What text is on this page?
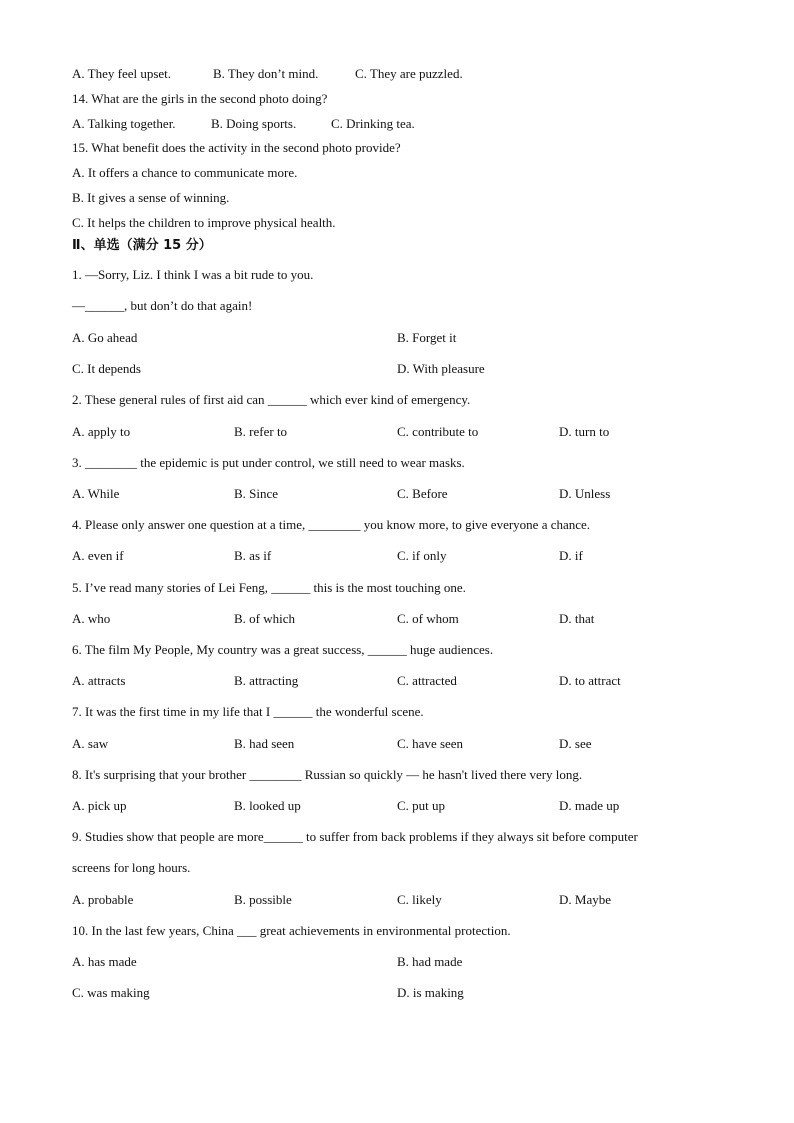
A. They feel upset.	B. They don’t mind.	C. They are puzzled.
14. What are the girls in the second photo doing?
A. Talking together.	B. Doing sports.	C. Drinking tea.
15. What benefit does the activity in the second photo provide?
A. It offers a chance to communicate more.
B. It gives a sense of winning.
C. It helps the children to improve physical health.
Ⅱ、单选（满分 15 分）
1. —Sorry, Liz. I think I was a bit rude to you.
—______, but don’t do that again!
A. Go ahead	B. Forget it
C. It depends	D. With pleasure
2. These general rules of first aid can ______ which ever kind of emergency.
A. apply to	B. refer to	C. contribute to	D. turn to
3. ________ the epidemic is put under control, we still need to wear masks.
A. While	B. Since	C. Before	D. Unless
4. Please only answer one question at a time, ________ you know more, to give everyone a chance.
A. even if	B. as if	C. if only	D. if
5. I’ve read many stories of Lei Feng, ______ this is the most touching one.
A. who	B. of which	C. of whom	D. that
6. The film My People, My country was a great success, ______ huge audiences.
A. attracts	B. attracting	C. attracted	D. to attract
7. It was the first time in my life that I ______ the wonderful scene.
A. saw	B. had seen	C. have seen	D. see
8. It's surprising that your brother ________ Russian so quickly — he hasn't lived there very long.
A. pick up	B. looked up	C. put up	D. made up
9. Studies show that people are more______ to suffer from back problems if they always sit before computer
screens for long hours.
A. probable	B. possible	C. likely	D. Maybe
10. In the last few years, China ___ great achievements in environmental protection.
A. has made	B. had made
C. was making	D. is making
